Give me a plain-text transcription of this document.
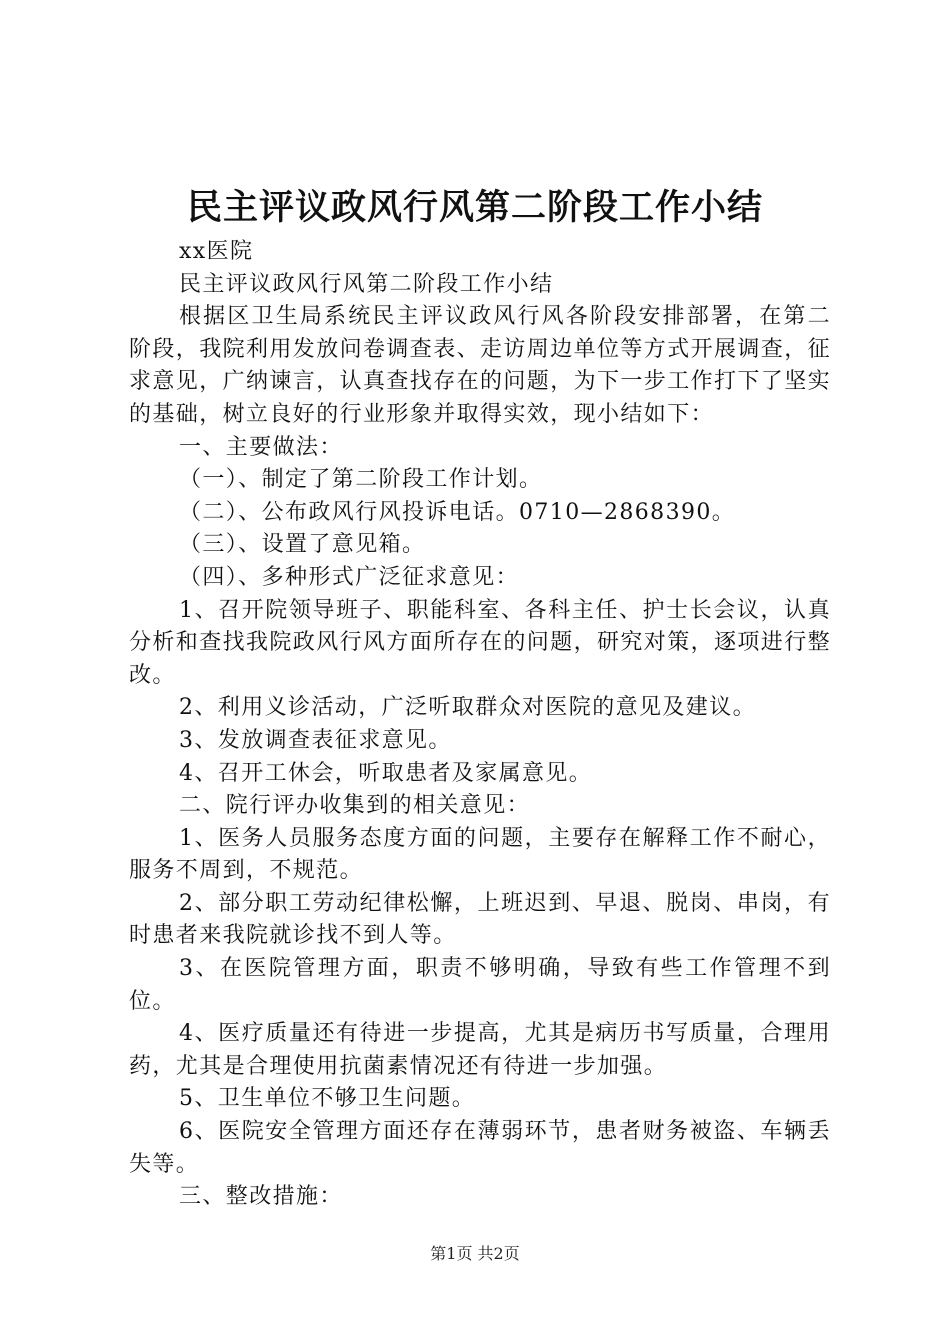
民主评议政风行风第二阶段工作小结

xx医院

民主评议政风行风第二阶段工作小结

根据区卫生局系统民主评议政风行风各阶段安排部署，在第二阶段，我院利用发放问卷调查表、走访周边单位等方式开展调查，征求意见，广纳谏言，认真查找存在的问题，为下一步工作打下了坚实的基础，树立良好的行业形象并取得实效，现小结如下：

一、主要做法：

（一）、制定了第二阶段工作计划。

（二）、公布政风行风投诉电话。0710—2868390。

（三）、设置了意见箱。

（四）、多种形式广泛征求意见：

1、召开院领导班子、职能科室、各科主任、护士长会议，认真分析和查找我院政风行风方面所存在的问题，研究对策，逐项进行整改。

2、利用义诊活动，广泛听取群众对医院的意见及建议。

3、发放调查表征求意见。

4、召开工休会，听取患者及家属意见。

二、院行评办收集到的相关意见：

1、医务人员服务态度方面的问题，主要存在解释工作不耐心，服务不周到，不规范。

2、部分职工劳动纪律松懈，上班迟到、早退、脱岗、串岗，有时患者来我院就诊找不到人等。

3、在医院管理方面，职责不够明确，导致有些工作管理不到位。

4、医疗质量还有待进一步提高，尤其是病历书写质量，合理用药，尤其是合理使用抗菌素情况还有待进一步加强。

5、卫生单位不够卫生问题。

6、医院安全管理方面还存在薄弱环节，患者财务被盗、车辆丢失等。

三、整改措施：

第1页 共2页
